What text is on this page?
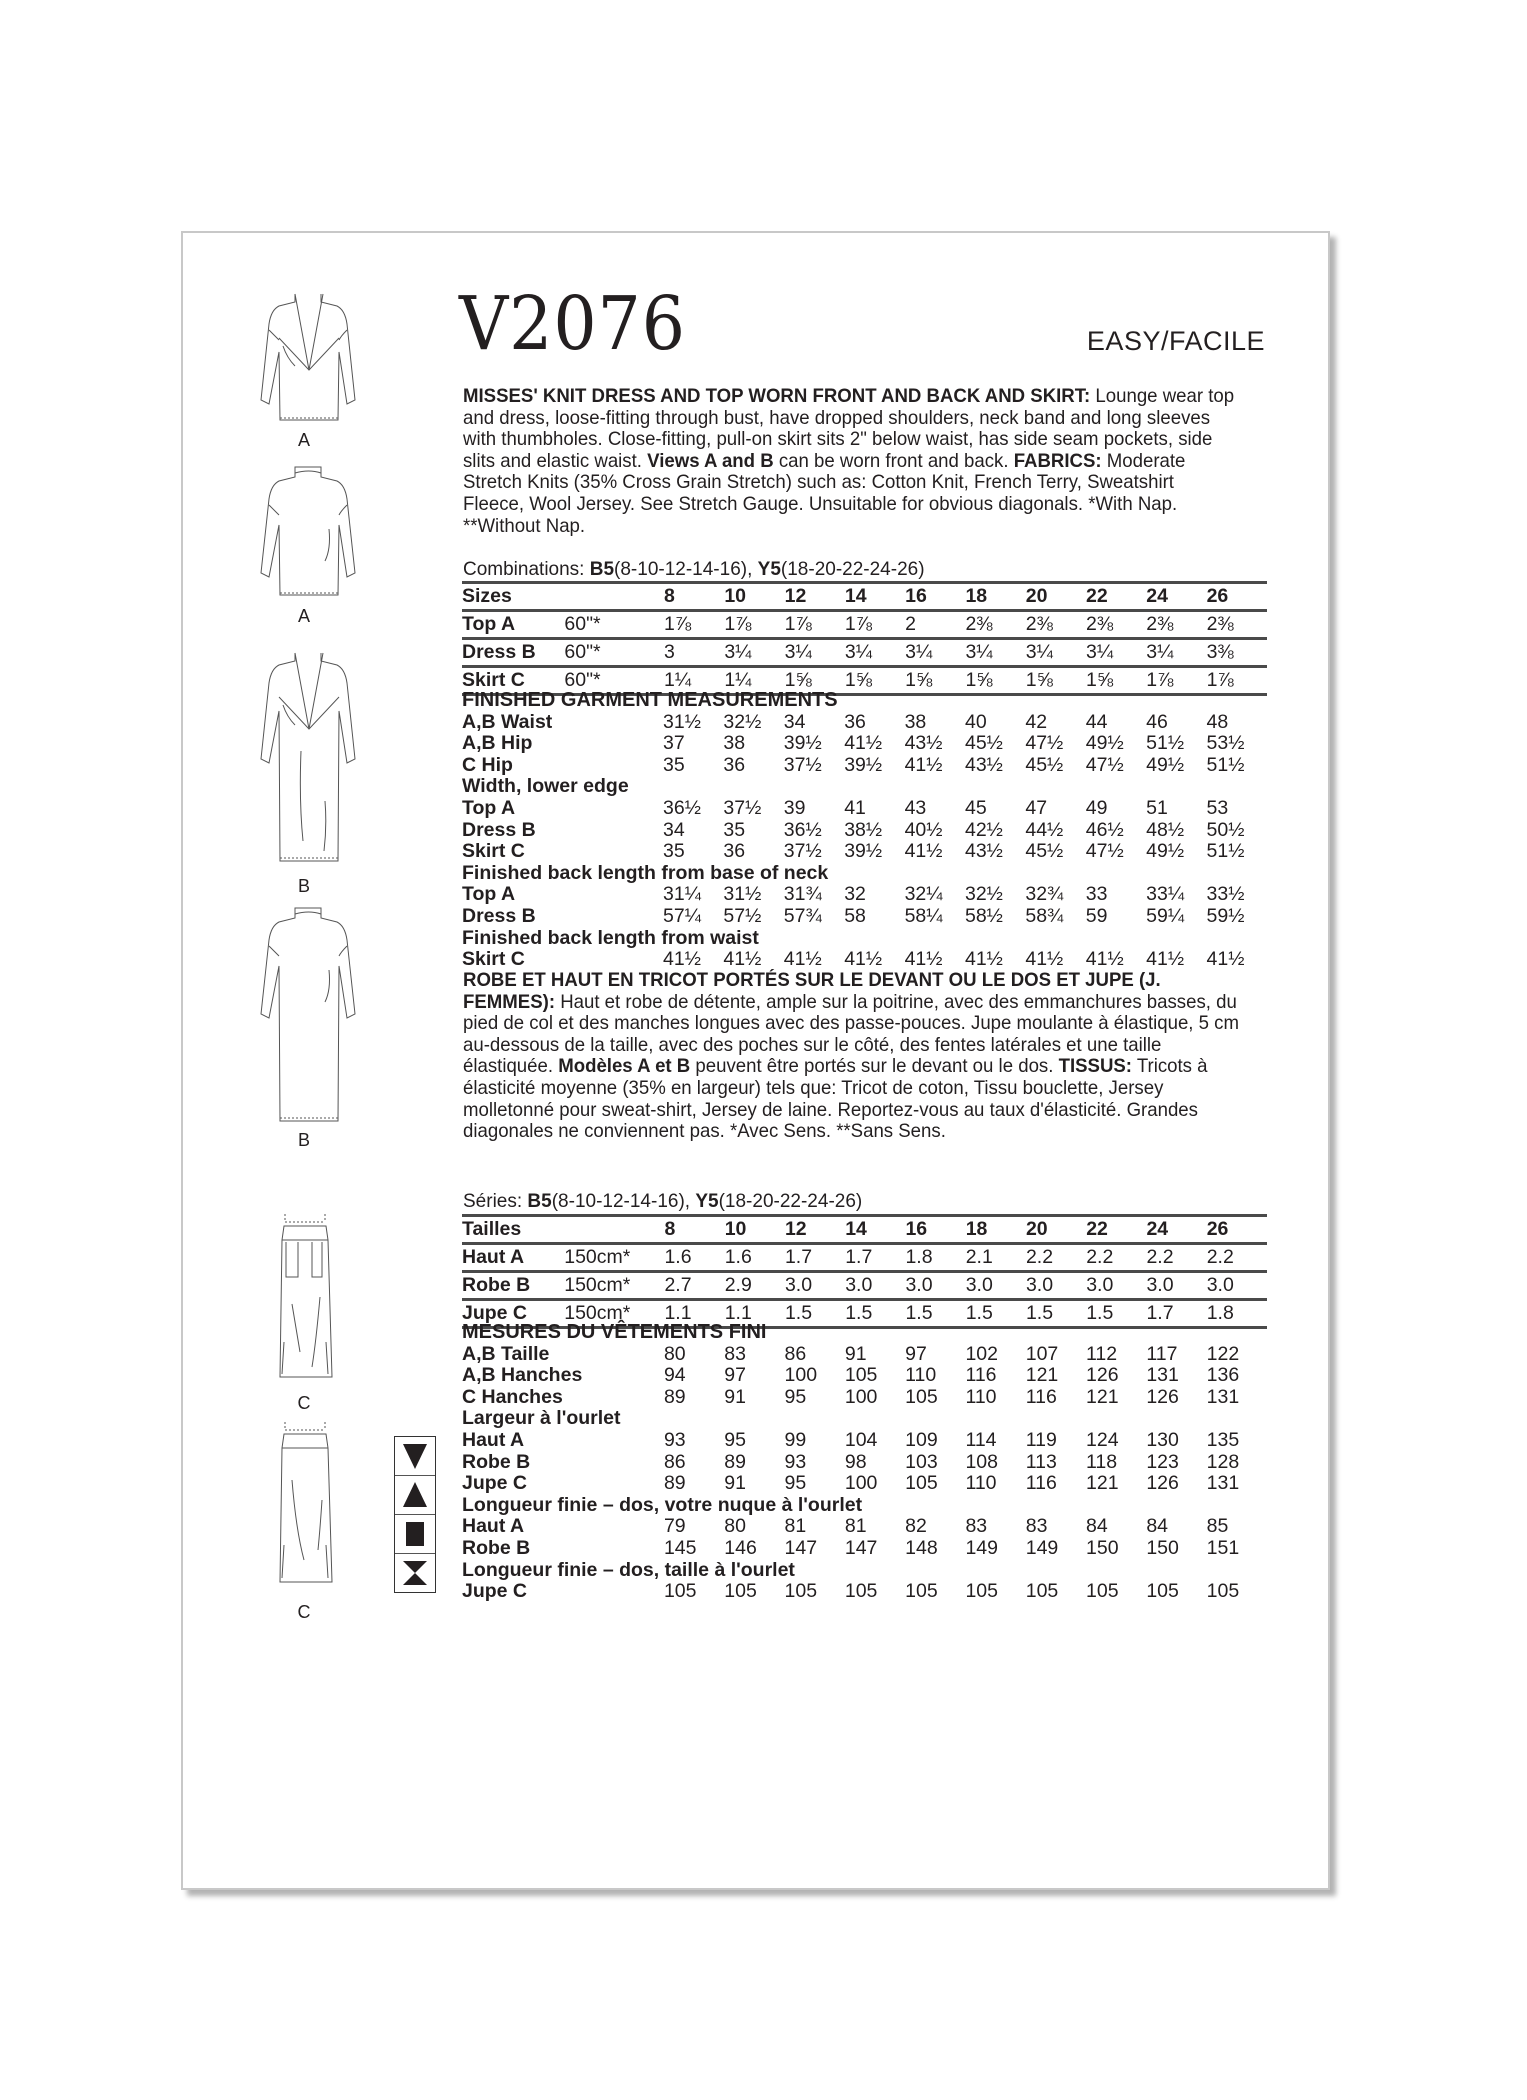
V2076	EASY/FACILE
MISSES' KNIT DRESS AND TOP WORN FRONT AND BACK AND SKIRT: Lounge wear top and dress, loose-fitting through bust, have dropped shoulders, neck band and long sleeves with thumbholes. Close-fitting, pull-on skirt sits 2" below waist, has side seam pockets, side slits and elastic waist. Views A and B can be worn front and back. FABRICS: Moderate Stretch Knits (35% Cross Grain Stretch) such as: Cotton Knit, French Terry, Sweatshirt Fleece, Wool Jersey. See Stretch Gauge. Unsuitable for obvious diagonals. *With Nap. **Without Nap.
Combinations: B5(8-10-12-14-16), Y5(18-20-22-24-26)
Sizes		8	10	12	14	16	18	20	22	24	26
Top A	60"*	1⅞	1⅞	1⅞	1⅞	2	2⅜	2⅜	2⅜	2⅜	2⅜
Dress B	60"*	3	3¼	3¼	3¼	3¼	3¼	3¼	3¼	3¼	3⅜
Skirt C	60"*	1¼	1¼	1⅝	1⅝	1⅝	1⅝	1⅝	1⅝	1⅞	1⅞
FINISHED GARMENT MEASUREMENTS										
A,B Waist	31½	32½	34	36	38	40	42	44	46	48
A,B Hip	37	38	39½	41½	43½	45½	47½	49½	51½	53½
C Hip	35	36	37½	39½	41½	43½	45½	47½	49½	51½
Width, lower edge										
Top A	36½	37½	39	41	43	45	47	49	51	53
Dress B	34	35	36½	38½	40½	42½	44½	46½	48½	50½
Skirt C	35	36	37½	39½	41½	43½	45½	47½	49½	51½
Finished back length from base of neck										
Top A	31¼	31½	31¾	32	32¼	32½	32¾	33	33¼	33½
Dress B	57¼	57½	57¾	58	58¼	58½	58¾	59	59¼	59½
Finished back length from waist										
Skirt C	41½	41½	41½	41½	41½	41½	41½	41½	41½	41½
ROBE ET HAUT EN TRICOT PORTÉS SUR LE DEVANT OU LE DOS ET JUPE (J. FEMMES): Haut et robe de détente, ample sur la poitrine, avec des emmanchures basses, du pied de col et des manches longues avec des passe-pouces. Jupe moulante à élastique, 5 cm au-dessous de la taille, avec des poches sur le côté, des fentes latérales et une taille élastiquée. Modèles A et B peuvent être portés sur le devant ou le dos. TISSUS: Tricots à élasticité moyenne (35% en largeur) tels que: Tricot de coton, Tissu bouclette, Jersey molletonné pour sweat-shirt, Jersey de laine. Reportez-vous au taux d'élasticité. Grandes diagonales ne conviennent pas. *Avec Sens. **Sans Sens.
Séries: B5(8-10-12-14-16), Y5(18-20-22-24-26)
Tailles		8	10	12	14	16	18	20	22	24	26
Haut A	150cm*	1.6	1.6	1.7	1.7	1.8	2.1	2.2	2.2	2.2	2.2
Robe B	150cm*	2.7	2.9	3.0	3.0	3.0	3.0	3.0	3.0	3.0	3.0
Jupe C	150cm*	1.1	1.1	1.5	1.5	1.5	1.5	1.5	1.5	1.7	1.8
MESURES DU VÊTEMENTS FINI										
A,B Taille	80	83	86	91	97	102	107	112	117	122
A,B Hanches	94	97	100	105	110	116	121	126	131	136
C Hanches	89	91	95	100	105	110	116	121	126	131
Largeur à l'ourlet										
Haut A	93	95	99	104	109	114	119	124	130	135
Robe B	86	89	93	98	103	108	113	118	123	128
Jupe C	89	91	95	100	105	110	116	121	126	131
Longueur finie – dos, votre nuque à l'ourlet										
Haut A	79	80	81	81	82	83	83	84	84	85
Robe B	145	146	147	147	148	149	149	150	150	151
Longueur finie – dos, taille à l'ourlet										
Jupe C	105	105	105	105	105	105	105	105	105	105
A
A
B
B
C
C
